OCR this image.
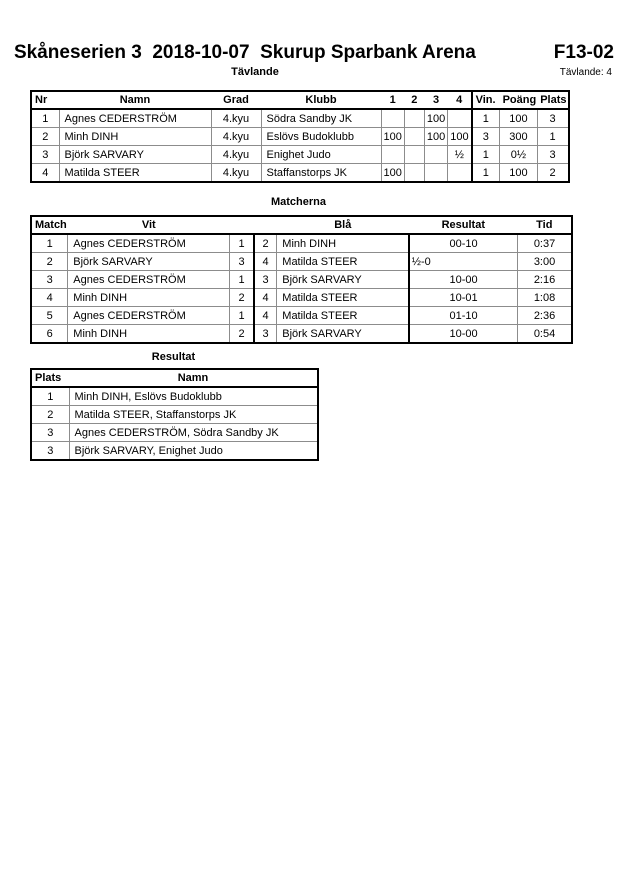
Skåneserien 3  2018-10-07  Skurup Sparbank Arena	F13-02
Tävlande	Tävlande: 4
Nr	Namn	Grad	Klubb	1	2	3	4	Vin.	Poäng	Plats
1	Agnes CEDERSTRÖM	4.kyu	Södra Sandby JK			100		1	100	3
2	Minh DINH	4.kyu	Eslövs Budoklubb	100		100	100	3	300	1
3	Björk SARVARY	4.kyu	Enighet Judo				½	1	0½	3
4	Matilda STEER	4.kyu	Staffanstorps JK	100				1	100	2
Matcherna
Match	Vit			Blå	Resultat	Tid
1	Agnes CEDERSTRÖM	1	2	Minh DINH	00-10	0:37
2	Björk SARVARY	3	4	Matilda STEER	½-0	3:00
3	Agnes CEDERSTRÖM	1	3	Björk SARVARY	10-00	2:16
4	Minh DINH	2	4	Matilda STEER	10-01	1:08
5	Agnes CEDERSTRÖM	1	4	Matilda STEER	01-10	2:36
6	Minh DINH	2	3	Björk SARVARY	10-00	0:54
Resultat
Plats	Namn
1	Minh DINH, Eslövs Budoklubb
2	Matilda STEER, Staffanstorps JK
3	Agnes CEDERSTRÖM, Södra Sandby JK
3	Björk SARVARY, Enighet Judo
